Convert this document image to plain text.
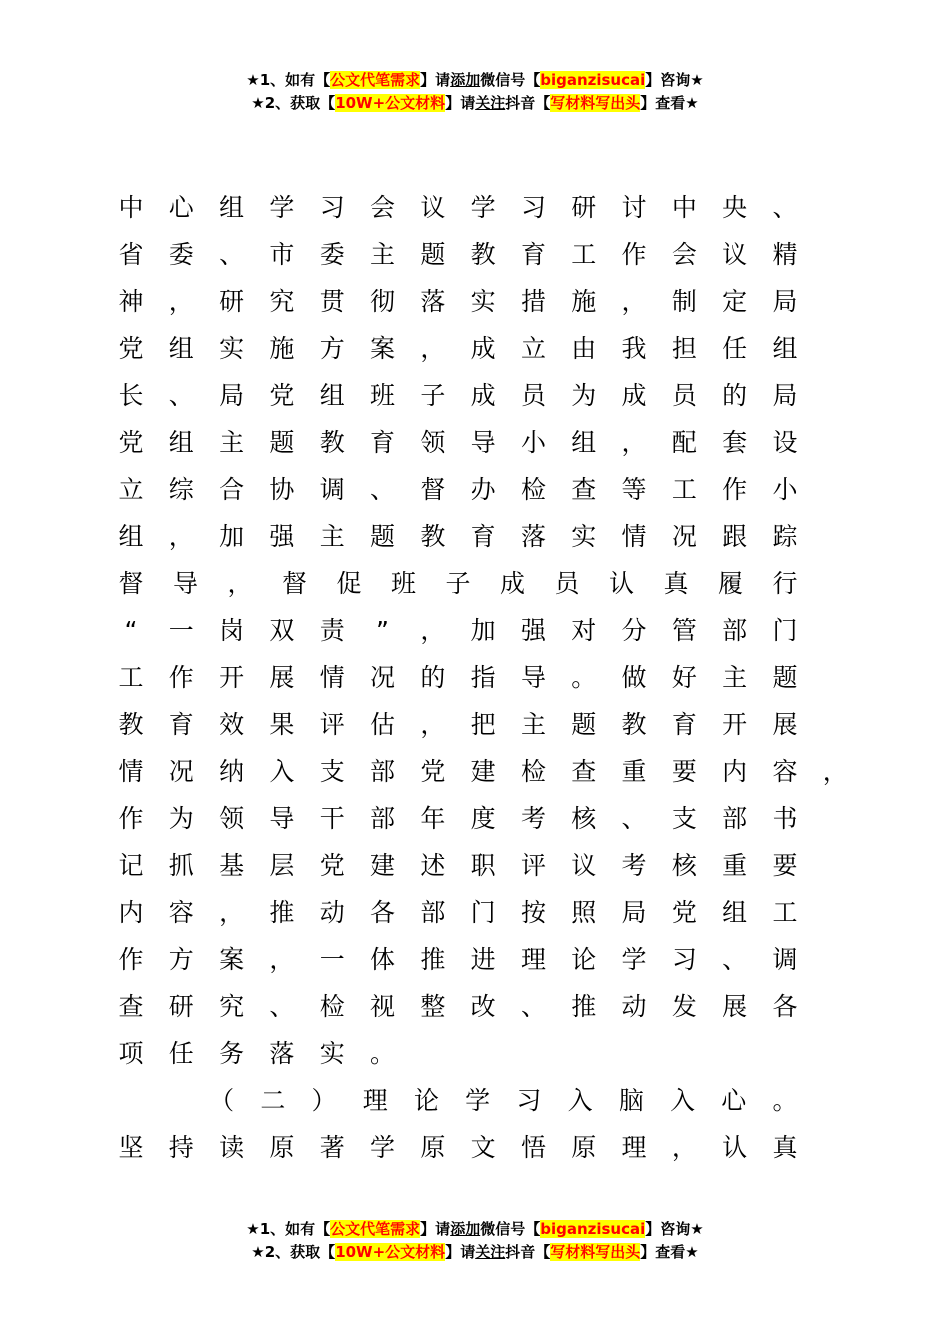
★1、如有【公文代笔需求】请添加微信号【biganzisucai】咨询★
★2、获取【10W+公文材料】请关注抖音【写材料写出头】查看★
中 心 组 学 习 会 议 学 习 研 讨 中 央 、
省 委 、 市 委 主 题 教 育 工 作 会 议 精
神 ， 研 究 贯 彻 落 实 措 施 ， 制 定 局
党 组 实 施 方 案 ， 成 立 由 我 担 任 组
长 、 局 党 组 班 子 成 员 为 成 员 的 局
党 组 主 题 教 育 领 导 小 组 ， 配 套 设
立 综 合 协 调 、 督 办 检 查 等 工 作 小
组 ， 加 强 主 题 教 育 落 实 情 况 跟 踪
督 导 ， 督 促 班 子 成 员 认 真 履 行
“ 一 岗 双 责 ” ， 加 强 对 分 管 部 门
工 作 开 展 情 况 的 指 导 。 做 好 主 题
教 育 效 果 评 估 ， 把 主 题 教 育 开 展
情 况 纳 入 支 部 党 建 检 查 重 要 内 容 ，
作 为 领 导 干 部 年 度 考 核 、 支 部 书
记 抓 基 层 党 建 述 职 评 议 考 核 重 要
内 容 ， 推 动 各 部 门 按 照 局 党 组 工
作 方 案 ， 一 体 推 进 理 论 学 习 、 调
查 研 究 、 检 视 整 改 、 推 动 发 展 各
项 任 务 落 实 。
（ 二 ） 理 论 学 习 入 脑 入 心 。
坚 持 读 原 著 学 原 文 悟 原 理 ， 认 真
★1、如有【公文代笔需求】请添加微信号【biganzisucai】咨询★
★2、获取【10W+公文材料】请关注抖音【写材料写出头】查看★
